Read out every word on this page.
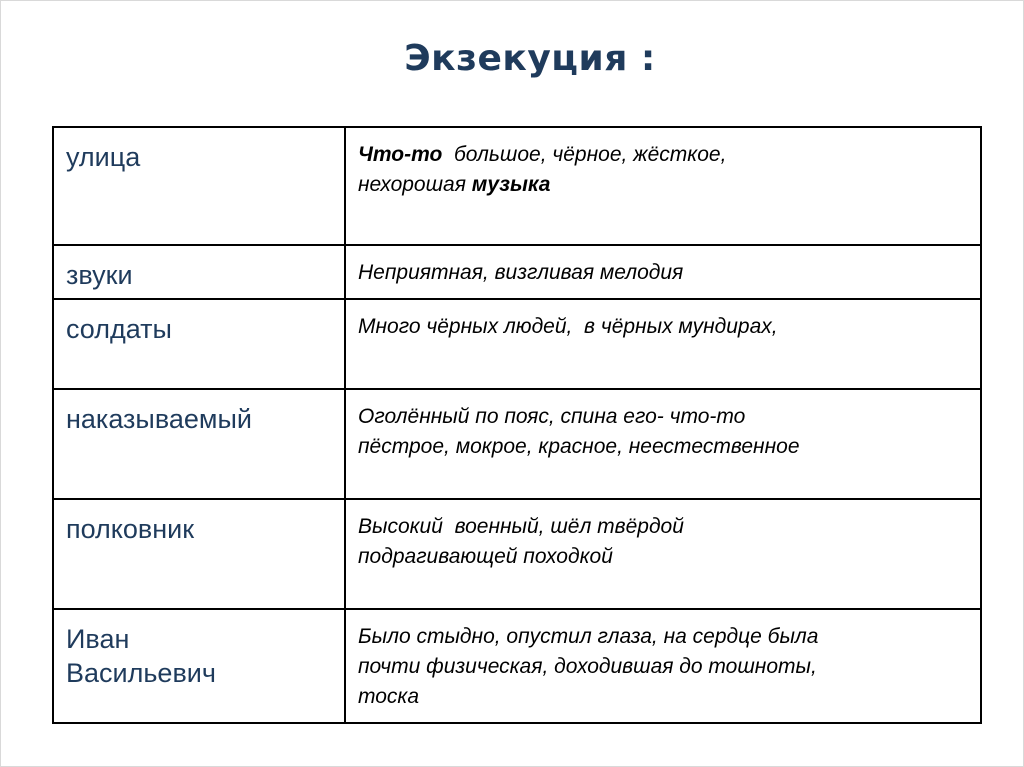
Экзекуция :
улица	Что-то  большое, чёрное, жёсткое,
нехорошая музыка
звуки	Неприятная, визгливая мелодия
солдаты	Много чёрных людей,  в чёрных мундирах,
наказываемый	Оголённый по пояс, спина его- что-то
пёстрое, мокрое, красное, неестественное
полковник	Высокий  военный, шёл твёрдой
подрагивающей походкой
Иван
Васильевич	Было стыдно, опустил глаза, на сердце была
почти физическая, доходившая до тошноты,
тоска
